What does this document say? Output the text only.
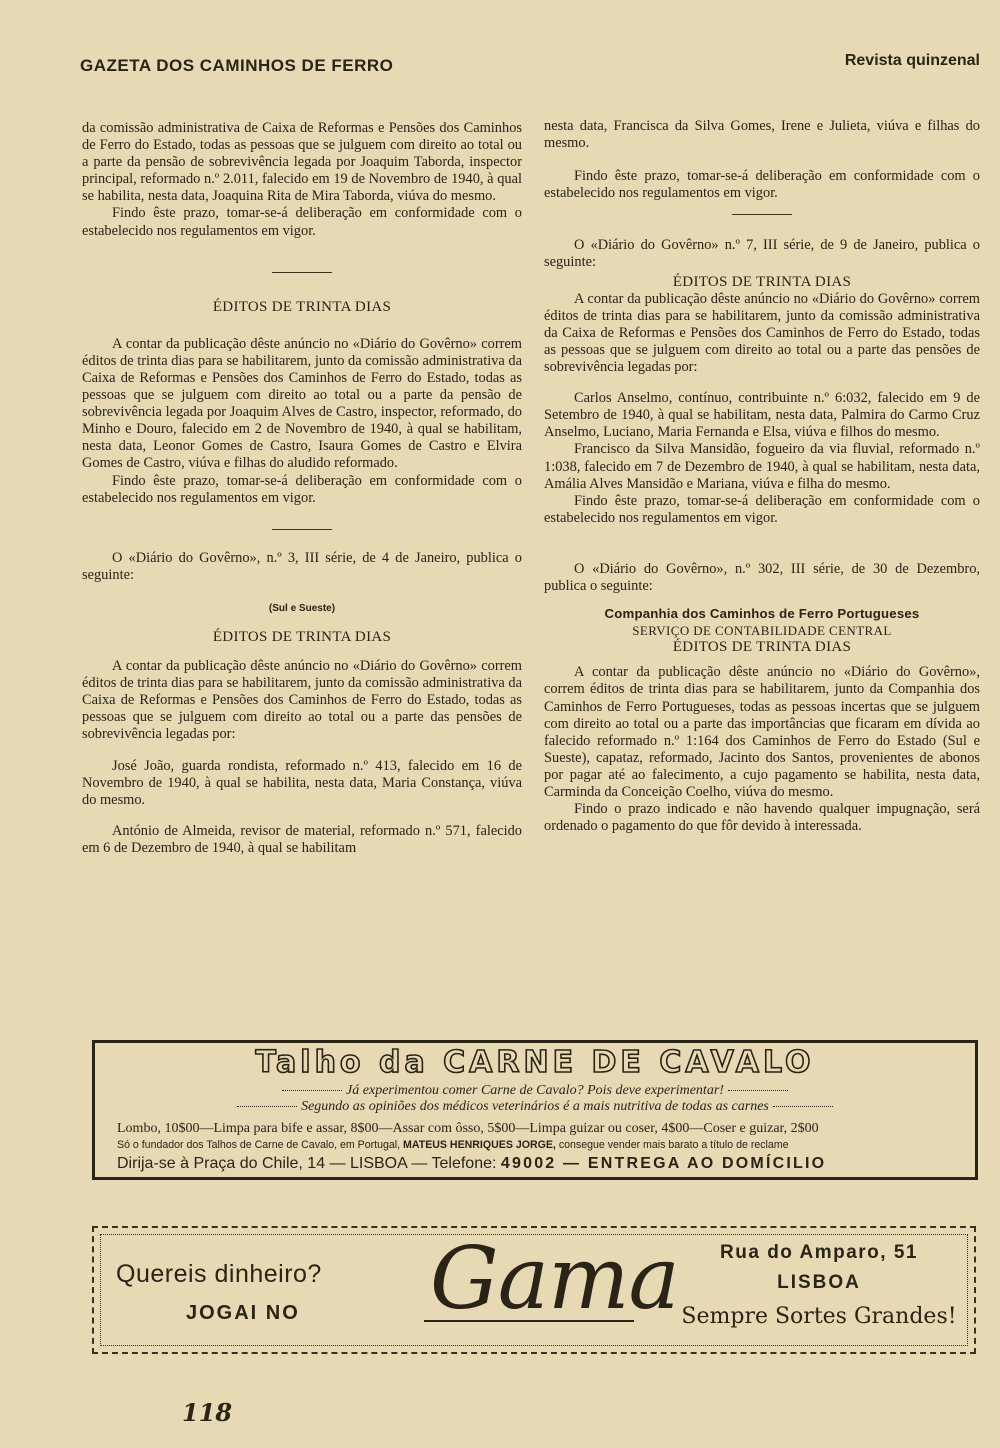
GAZETA DOS CAMINHOS DE FERRO	Revista quinzenal

da comissão administrativa de Caixa de Reformas e Pensões dos Caminhos de Ferro do Estado, todas as pessoas que se julguem com direito ao total ou a parte da pensão de sobrevivência legada por Joaquim Taborda, inspector principal, reformado n.º 2.011, falecido em 19 de Novembro de 1940, à qual se habilita, nesta data, Joaquina Rita de Mira Taborda, viúva do mesmo.

Findo êste prazo, tomar-se-á deliberação em conformidade com o estabelecido nos regulamentos em vigor.

ÉDITOS DE TRINTA DIAS

A contar da publicação dêste anúncio no «Diário do Govêrno» correm éditos de trinta dias para se habilitarem, junto da comissão administrativa da Caixa de Reformas e Pensões dos Caminhos de Ferro do Estado, todas as pessoas que se julguem com direito ao total ou a parte da pensão de sobrevivência legada por Joaquim Alves de Castro, inspector, reformado, do Minho e Douro, falecido em 2 de Novembro de 1940, à qual se habilitam, nesta data, Leonor Gomes de Castro, Isaura Gomes de Castro e Elvira Gomes de Castro, viúva e filhas do aludido reformado.

Findo êste prazo, tomar-se-á deliberação em conformidade com o estabelecido nos regulamentos em vigor.

O «Diário do Govêrno», n.º 3, III série, de 4 de Janeiro, publica o seguinte:

(Sul e Sueste)

ÉDITOS DE TRINTA DIAS

A contar da publicação dêste anúncio no «Diário do Govêrno» correm éditos de trinta dias para se habilitarem, junto da comissão administrativa da Caixa de Reformas e Pensões dos Caminhos de Ferro do Estado, todas as pessoas que se julguem com direito ao total ou a parte das pensões de sobrevivência legadas por:

José João, guarda rondista, reformado n.º 413, falecido em 16 de Novembro de 1940, à qual se habilita, nesta data, Maria Constança, viúva do mesmo.

António de Almeida, revisor de material, reformado n.º 571, falecido em 6 de Dezembro de 1940, à qual se habilitam

nesta data, Francisca da Silva Gomes, Irene e Julieta, viúva e filhas do mesmo.

Findo êste prazo, tomar-se-á deliberação em conformidade com o estabelecido nos regulamentos em vigor.

O «Diário do Govêrno» n.º 7, III série, de 9 de Janeiro, publica o seguinte:

ÉDITOS DE TRINTA DIAS

A contar da publicação dêste anúncio no «Diário do Govêrno» correm éditos de trinta dias para se habilitarem, junto da comissão administrativa da Caixa de Reformas e Pensões dos Caminhos de Ferro do Estado, todas as pessoas que se julguem com direito ao total ou a parte das pensões de sobrevivência legadas por:

Carlos Anselmo, contínuo, contribuinte n.º 6:032, falecido em 9 de Setembro de 1940, à qual se habilitam, nesta data, Palmira do Carmo Cruz Anselmo, Luciano, Maria Fernanda e Elsa, viúva e filhos do mesmo.

Francisco da Silva Mansidão, fogueiro da via fluvial, reformado n.º 1:038, falecido em 7 de Dezembro de 1940, à qual se habilitam, nesta data, Amália Alves Mansidão e Mariana, viúva e filha do mesmo.

Findo êste prazo, tomar-se-á deliberação em conformidade com o estabelecido nos regulamentos em vigor.

O «Diário do Govêrno», n.º 302, III série, de 30 de Dezembro, publica o seguinte:

Companhia dos Caminhos de Ferro Portugueses

SERVIÇO DE CONTABILIDADE CENTRAL

ÉDITOS DE TRINTA DIAS

A contar da publicação dêste anúncio no «Diário do Govêrno», correm éditos de trinta dias para se habilitarem, junto da Companhia dos Caminhos de Ferro Portugueses, todas as pessoas incertas que se julguem com direito ao total ou a parte das importâncias que ficaram em dívida ao falecido reformado n.º 1:164 dos Caminhos de Ferro do Estado (Sul e Sueste), capataz, reformado, Jacinto dos Santos, provenientes de abonos por pagar até ao falecimento, a cujo pagamento se habilita, nesta data, Carminda da Conceição Coelho, viúva do mesmo.

Findo o prazo indicado e não havendo qualquer impugnação, será ordenado o pagamento do que fôr devido à interessada.

Talho da CARNE DE CAVALO
Já experimentou comer Carne de Cavalo? Pois deve experimentar!
Segundo as opiniões dos médicos veterinários é a mais nutritiva de todas as carnes
Lombo, 10$00—Limpa para bife e assar, 8$00—Assar com ôsso, 5$00—Limpa guizar ou coser, 4$00—Coser e guizar, 2$00
Só o fundador dos Talhos de Carne de Cavalo, em Portugal, MATEUS HENRIQUES JORGE, consegue vender mais barato a título de reclame
Dirija-se à Praça do Chile, 14 — LISBOA — Telefone: 49002 — ENTREGA AO DOMÍCILIO
Quereis dinheiro?
JOGAI NO Gama	Rua do Amparo, 51
LISBOA
Sempre Sortes Grandes!
118
